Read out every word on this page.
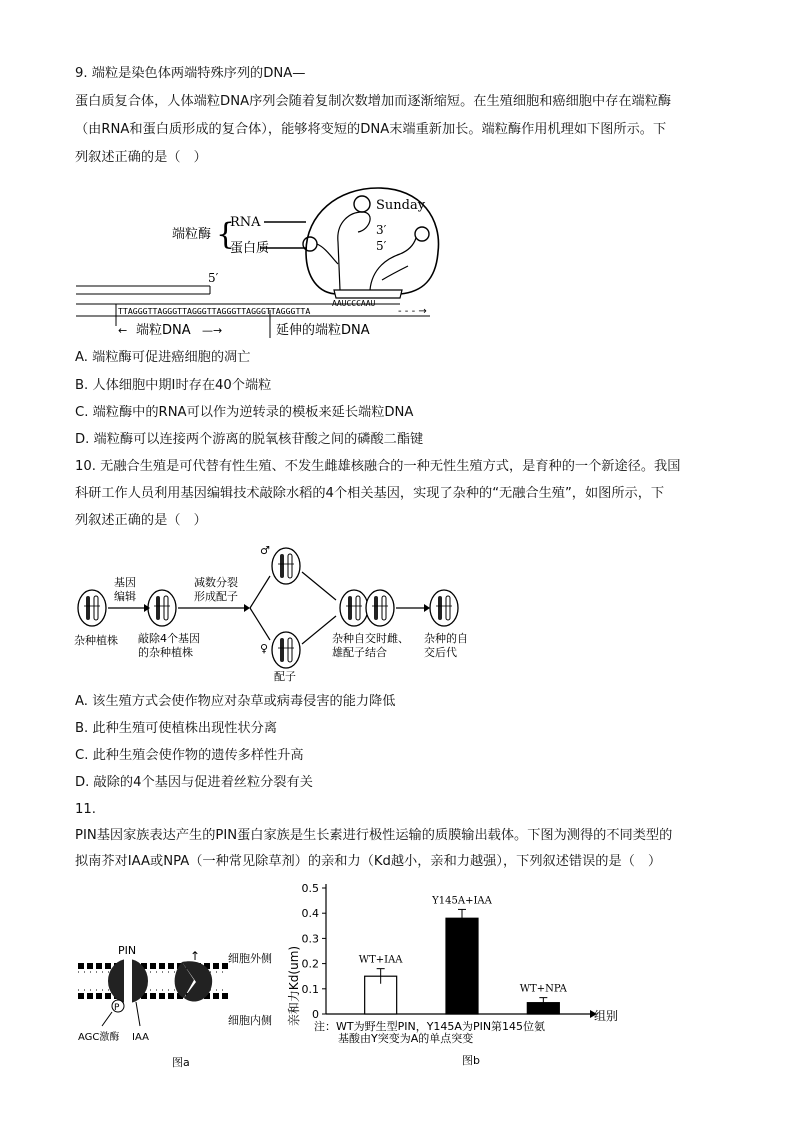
9. 端粒是染色体两端特殊序列的DNA—
蛋白质复合体，人体端粒DNA序列会随着复制次数增加而逐渐缩短。在生殖细胞和癌细胞中存在端粒酶
（由RNA和蛋白质形成的复合体），能够将变短的DNA末端重新加长。端粒酶作用机理如下图所示。下
列叙述正确的是（　）
端粒酶 {
RNA
蛋白质
Sunday
3′
5′
5′
AAUCCCAAU
TTAGGGTTAGGGTTAGGGTTAGGGTTAGGGTTAGGGTTA	- - - →
← 端粒DNA —→	延伸的端粒DNA
A. 端粒酶可促进癌细胞的凋亡
B. 人体细胞中期Ⅰ时存在40个端粒
C. 端粒酶中的RNA可以作为逆转录的模板来延长端粒DNA
D. 端粒酶可以连接两个游离的脱氧核苷酸之间的磷酸二酯键
10. 无融合生殖是可代替有性生殖、不发生雌雄核融合的一种无性生殖方式，是育种的一个新途径。我国
科研工作人员利用基因编辑技术敲除水稻的4个相关基因，实现了杂种的“无融合生殖”，如图所示，下
列叙述正确的是（　）
基因
编辑
减数分裂
形成配子
♂
♀
杂种植株 敲除4个基因
的杂种植株
杂种自交时雌、
雄配子结合
杂种的自
交后代
配子
A. 该生殖方式会使作物应对杂草或病毒侵害的能力降低
B. 此种生殖可使植株出现性状分离
C. 此种生殖会使作物的遗传多样性升高
D. 敲除的4个基因与促进着丝粒分裂有关
11.
PIN基因家族表达产生的PIN蛋白家族是生长素进行极性运输的质膜输出载体。下图为测得的不同类型的
拟南芥对IAA或NPA（一种常见除草剂）的亲和力（Kd越小，亲和力越强），下列叙述错误的是（　）
↑
PIN
细胞外侧
细胞内侧
P
AGC激酶 IAA
图a
0
0.1
0.2
0.3
0.4
0.5
WT+IAA
Y145A+IAA
WT+NPA
亲和力Kd(um)	组别
注：WT为野生型PIN，Y145A为PIN第145位氨
基酸由Y突变为A的单点突变
图b
